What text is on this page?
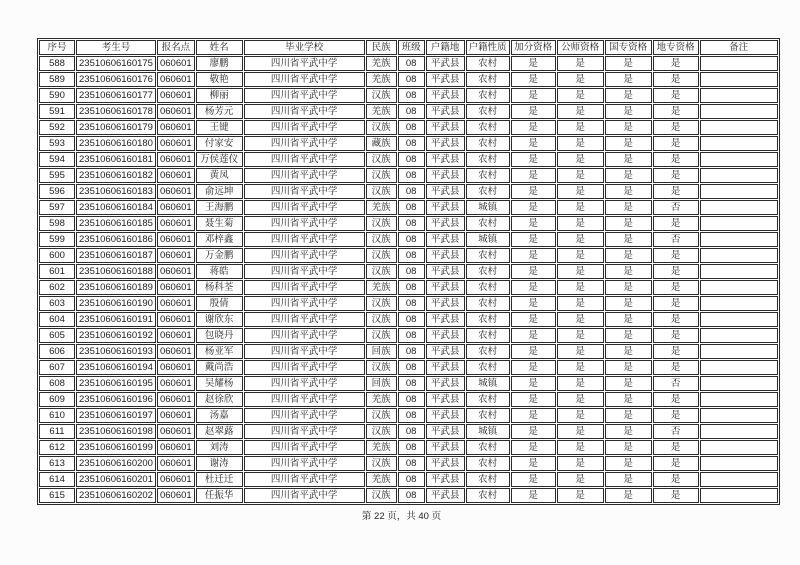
序号	考生号	报名点	姓名	毕业学校	民族	班级	户籍地	户籍性质	加分资格	公师资格	国专资格	地专资格	备注
588	23510606160175	060601	廖鹏	四川省平武中学	羌族	08	平武县	农村	是	是	是	是	
589	23510606160176	060601	敬艳	四川省平武中学	羌族	08	平武县	农村	是	是	是	是	
590	23510606160177	060601	柳丽	四川省平武中学	汉族	08	平武县	农村	是	是	是	是	
591	23510606160178	060601	杨芳元	四川省平武中学	羌族	08	平武县	农村	是	是	是	是	
592	23510606160179	060601	王键	四川省平武中学	汉族	08	平武县	农村	是	是	是	是	
593	23510606160180	060601	付家安	四川省平武中学	藏族	08	平武县	农村	是	是	是	是	
594	23510606160181	060601	万侯莲仪	四川省平武中学	汉族	08	平武县	农村	是	是	是	是	
595	23510606160182	060601	黄凤	四川省平武中学	汉族	08	平武县	农村	是	是	是	是	
596	23510606160183	060601	俞远坤	四川省平武中学	汉族	08	平武县	农村	是	是	是	是	
597	23510606160184	060601	王海鹏	四川省平武中学	羌族	08	平武县	城镇	是	是	是	否	
598	23510606160185	060601	聂生菊	四川省平武中学	汉族	08	平武县	农村	是	是	是	是	
599	23510606160186	060601	邓梓鑫	四川省平武中学	汉族	08	平武县	城镇	是	是	是	否	
600	23510606160187	060601	万金鹏	四川省平武中学	汉族	08	平武县	农村	是	是	是	是	
601	23510606160188	060601	蒋皓	四川省平武中学	汉族	08	平武县	农村	是	是	是	是	
602	23510606160189	060601	杨科荃	四川省平武中学	羌族	08	平武县	农村	是	是	是	是	
603	23510606160190	060601	殷倩	四川省平武中学	汉族	08	平武县	农村	是	是	是	是	
604	23510606160191	060601	谢欣东	四川省平武中学	汉族	08	平武县	农村	是	是	是	是	
605	23510606160192	060601	包晓丹	四川省平武中学	汉族	08	平武县	农村	是	是	是	是	
606	23510606160193	060601	杨亚军	四川省平武中学	回族	08	平武县	农村	是	是	是	是	
607	23510606160194	060601	戴尚浩	四川省平武中学	汉族	08	平武县	农村	是	是	是	是	
608	23510606160195	060601	吴耀杨	四川省平武中学	回族	08	平武县	城镇	是	是	是	否	
609	23510606160196	060601	赵徐欣	四川省平武中学	羌族	08	平武县	农村	是	是	是	是	
610	23510606160197	060601	汤嘉	四川省平武中学	汉族	08	平武县	农村	是	是	是	是	
611	23510606160198	060601	赵翠蕗	四川省平武中学	汉族	08	平武县	城镇	是	是	是	否	
612	23510606160199	060601	刘涛	四川省平武中学	羌族	08	平武县	农村	是	是	是	是	
613	23510606160200	060601	谢涛	四川省平武中学	汉族	08	平武县	农村	是	是	是	是	
614	23510606160201	060601	杜迁迁	四川省平武中学	羌族	08	平武县	农村	是	是	是	是	
615	23510606160202	060601	任振华	四川省平武中学	汉族	08	平武县	农村	是	是	是	是	
第 22 页，共 40 页
